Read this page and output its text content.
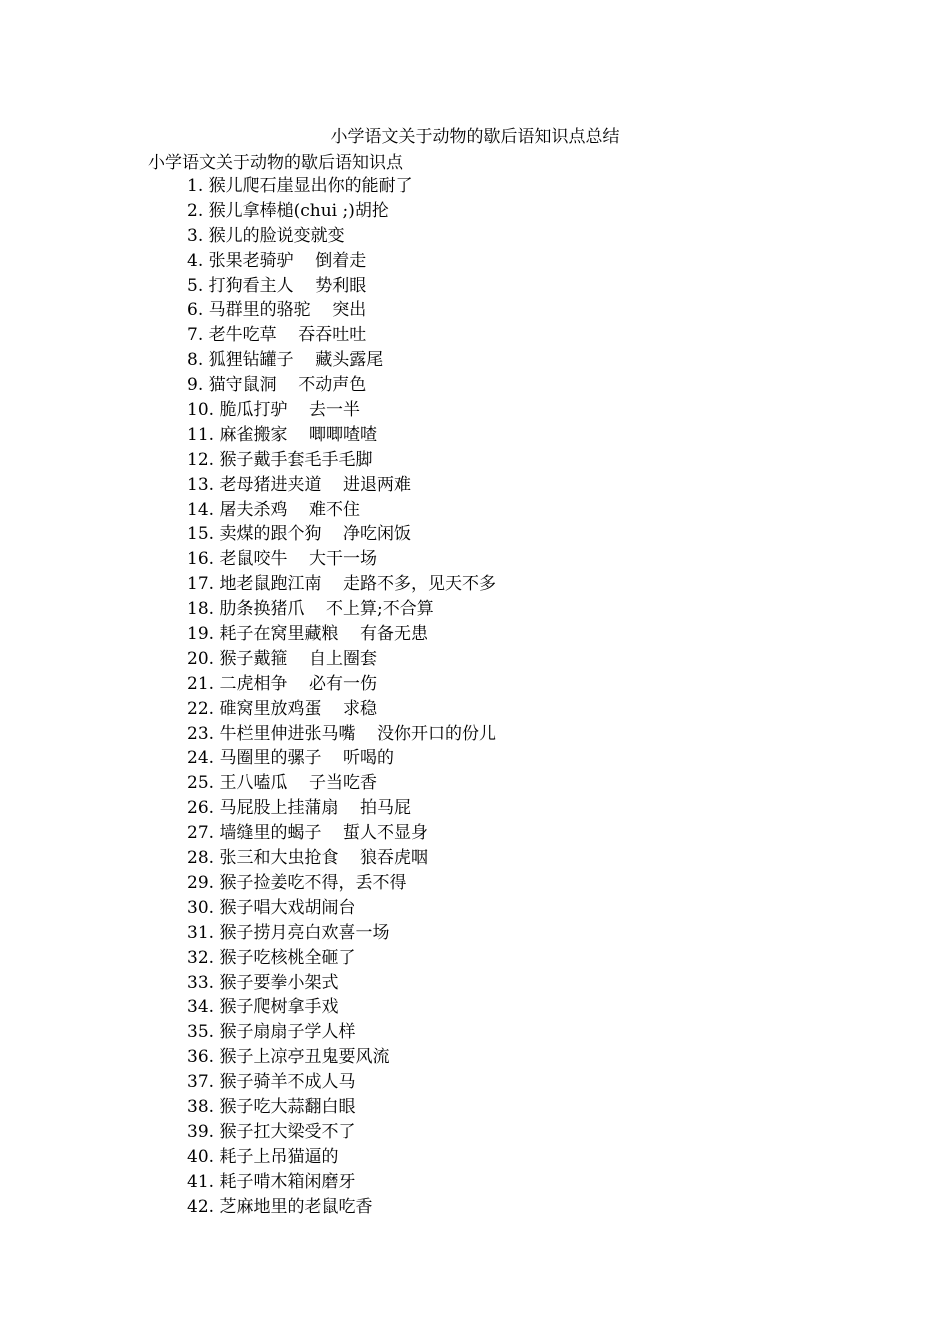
小学语文关于动物的歇后语知识点总结
小学语文关于动物的歇后语知识点
1. 猴儿爬石崖显出你的能耐了
2. 猴儿拿棒槌(chui ;)胡抡
3. 猴儿的脸说变就变
4. 张果老骑驴    倒着走
5. 打狗看主人    势利眼
6. 马群里的骆驼    突出
7. 老牛吃草    吞吞吐吐
8. 狐狸钻罐子    藏头露尾
9. 猫守鼠洞    不动声色
10. 脆瓜打驴    去一半
11. 麻雀搬家    唧唧喳喳
12. 猴子戴手套毛手毛脚
13. 老母猪进夹道    进退两难
14. 屠夫杀鸡    难不住
15. 卖煤的跟个狗    净吃闲饭
16. 老鼠咬牛    大干一场
17. 地老鼠跑江南    走路不多，见天不多
18. 肋条换猪爪    不上算;不合算
19. 耗子在窝里藏粮    有备无患
20. 猴子戴箍    自上圈套
21. 二虎相争    必有一伤
22. 碓窝里放鸡蛋    求稳
23. 牛栏里伸进张马嘴    没你开口的份儿
24. 马圈里的骡子    听喝的
25. 王八嗑瓜    子当吃香
26. 马屁股上挂蒲扇    拍马屁
27. 墙缝里的蝎子    蜇人不显身
28. 张三和大虫抢食    狼吞虎咽
29. 猴子捡姜吃不得，丢不得
30. 猴子唱大戏胡闹台
31. 猴子捞月亮白欢喜一场
32. 猴子吃核桃全砸了
33. 猴子要拳小架式
34. 猴子爬树拿手戏
35. 猴子扇扇子学人样
36. 猴子上凉亭丑鬼要风流
37. 猴子骑羊不成人马
38. 猴子吃大蒜翻白眼
39. 猴子扛大梁受不了
40. 耗子上吊猫逼的
41. 耗子啃木箱闲磨牙
42. 芝麻地里的老鼠吃香
